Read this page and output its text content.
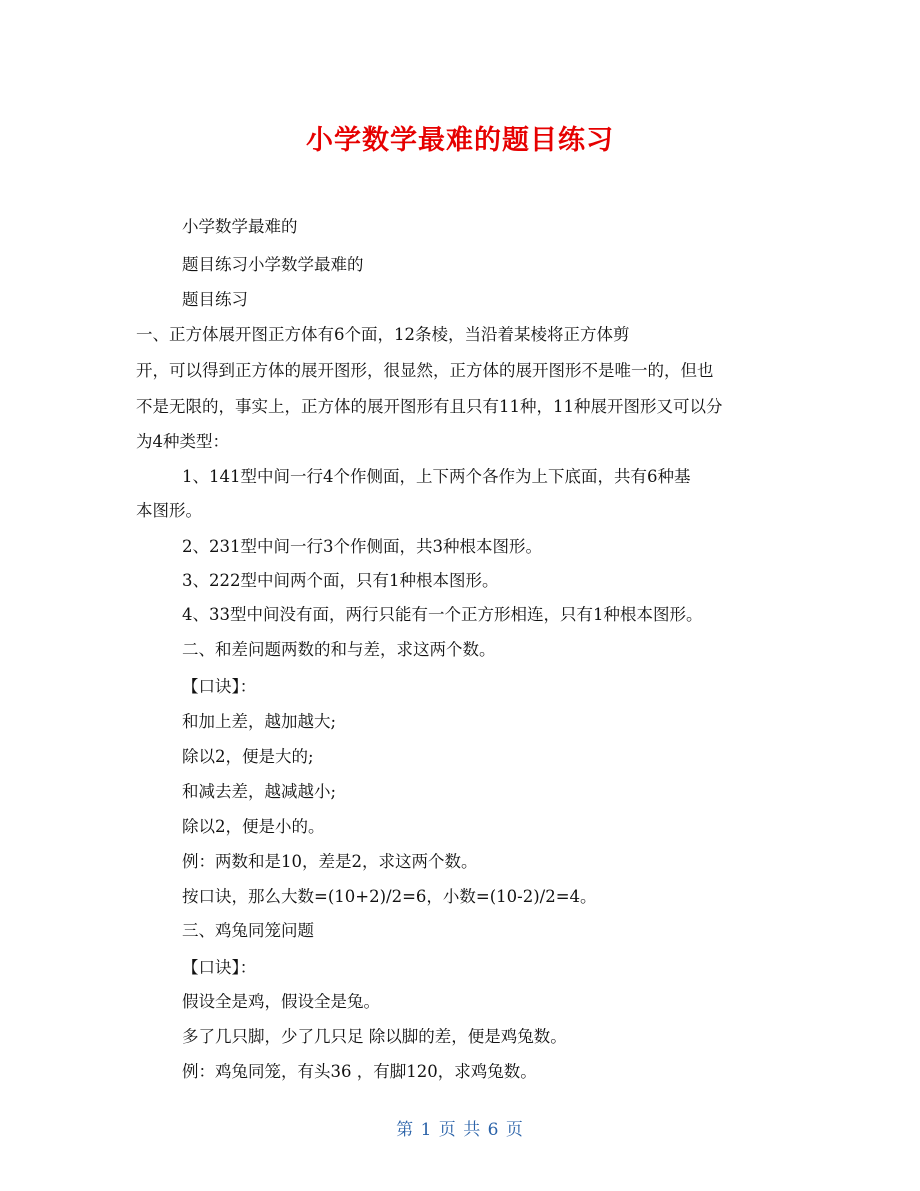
小学数学最难的题目练习
小学数学最难的
题目练习小学数学最难的
题目练习
一、正方体展开图正方体有6个面，12条棱，当沿着某棱将正方体剪
开，可以得到正方体的展开图形，很显然，正方体的展开图形不是唯一的，但也
不是无限的，事实上，正方体的展开图形有且只有11种，11种展开图形又可以分
为4种类型：
1、141型中间一行4个作侧面，上下两个各作为上下底面，共有6种基
本图形。
2、231型中间一行3个作侧面，共3种根本图形。
3、222型中间两个面，只有1种根本图形。
4、33型中间没有面，两行只能有一个正方形相连，只有1种根本图形。
二、和差问题两数的和与差，求这两个数。
【口诀】：
和加上差，越加越大;
除以2，便是大的;
和减去差，越减越小;
除以2，便是小的。
例：两数和是10，差是2，求这两个数。
按口诀，那么大数=(10+2)/2=6，小数=(10-2)/2=4。
三、鸡兔同笼问题
【口诀】：
假设全是鸡，假设全是兔。
多了几只脚，少了几只足 除以脚的差，便是鸡兔数。
例：鸡兔同笼，有头36 ，有脚120，求鸡兔数。
第 1 页 共 6 页
